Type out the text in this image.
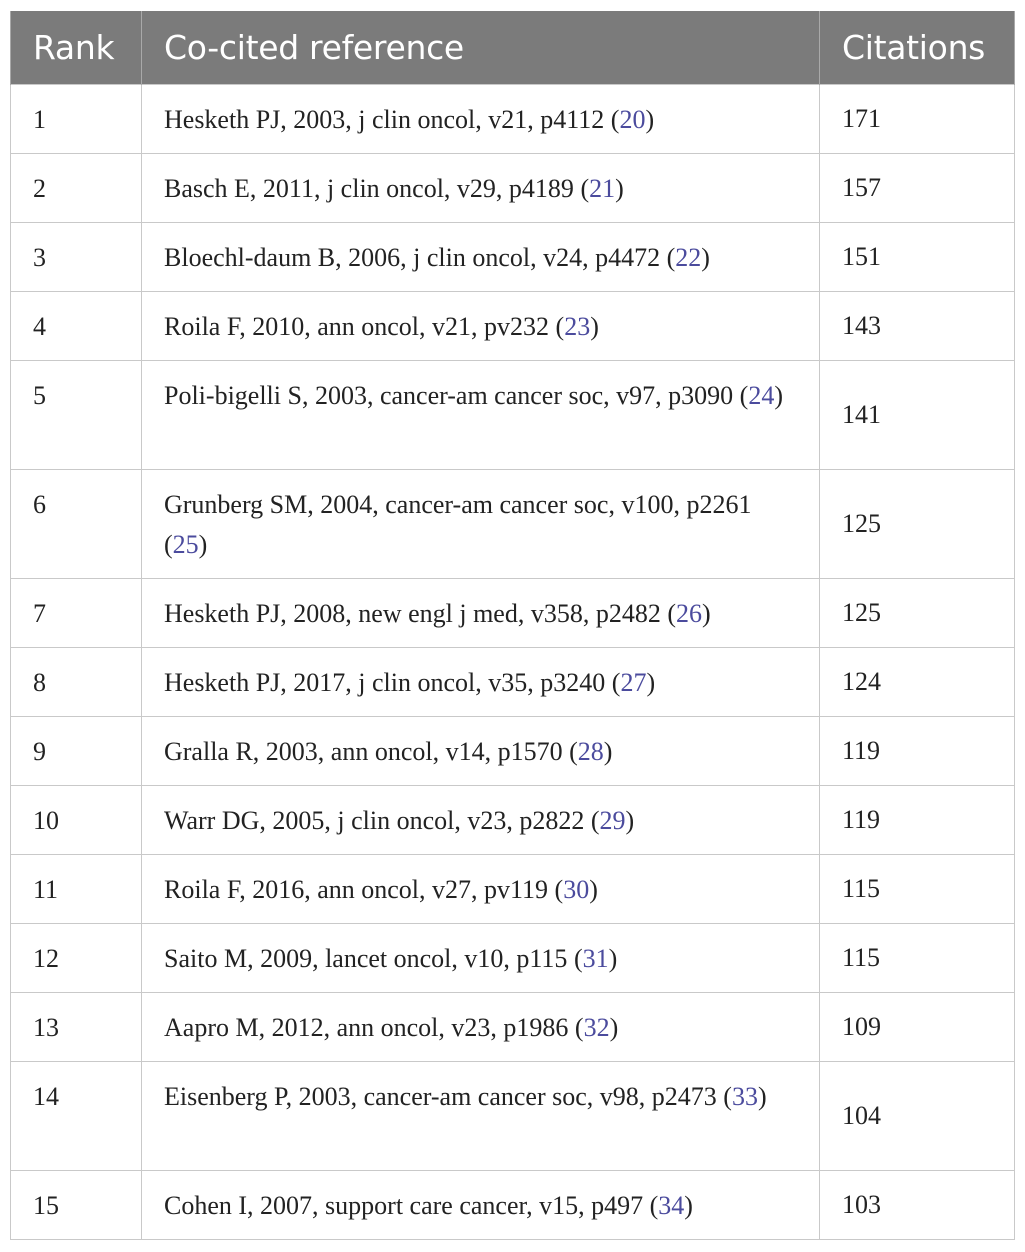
Rank	Co-cited reference	Citations
1	Hesketh PJ, 2003, j clin oncol, v21, p4112 (20)	171
2	Basch E, 2011, j clin oncol, v29, p4189 (21)	157
3	Bloechl-daum B, 2006, j clin oncol, v24, p4472 (22)	151
4	Roila F, 2010, ann oncol, v21, pv232 (23)	143
5	Poli-bigelli S, 2003, cancer-am cancer soc, v97, p3090 (24)	141
6	Grunberg SM, 2004, cancer-am cancer soc, v100, p2261 (25)	125
7	Hesketh PJ, 2008, new engl j med, v358, p2482 (26)	125
8	Hesketh PJ, 2017, j clin oncol, v35, p3240 (27)	124
9	Gralla R, 2003, ann oncol, v14, p1570 (28)	119
10	Warr DG, 2005, j clin oncol, v23, p2822 (29)	119
11	Roila F, 2016, ann oncol, v27, pv119 (30)	115
12	Saito M, 2009, lancet oncol, v10, p115 (31)	115
13	Aapro M, 2012, ann oncol, v23, p1986 (32)	109
14	Eisenberg P, 2003, cancer-am cancer soc, v98, p2473 (33)	104
15	Cohen I, 2007, support care cancer, v15, p497 (34)	103
